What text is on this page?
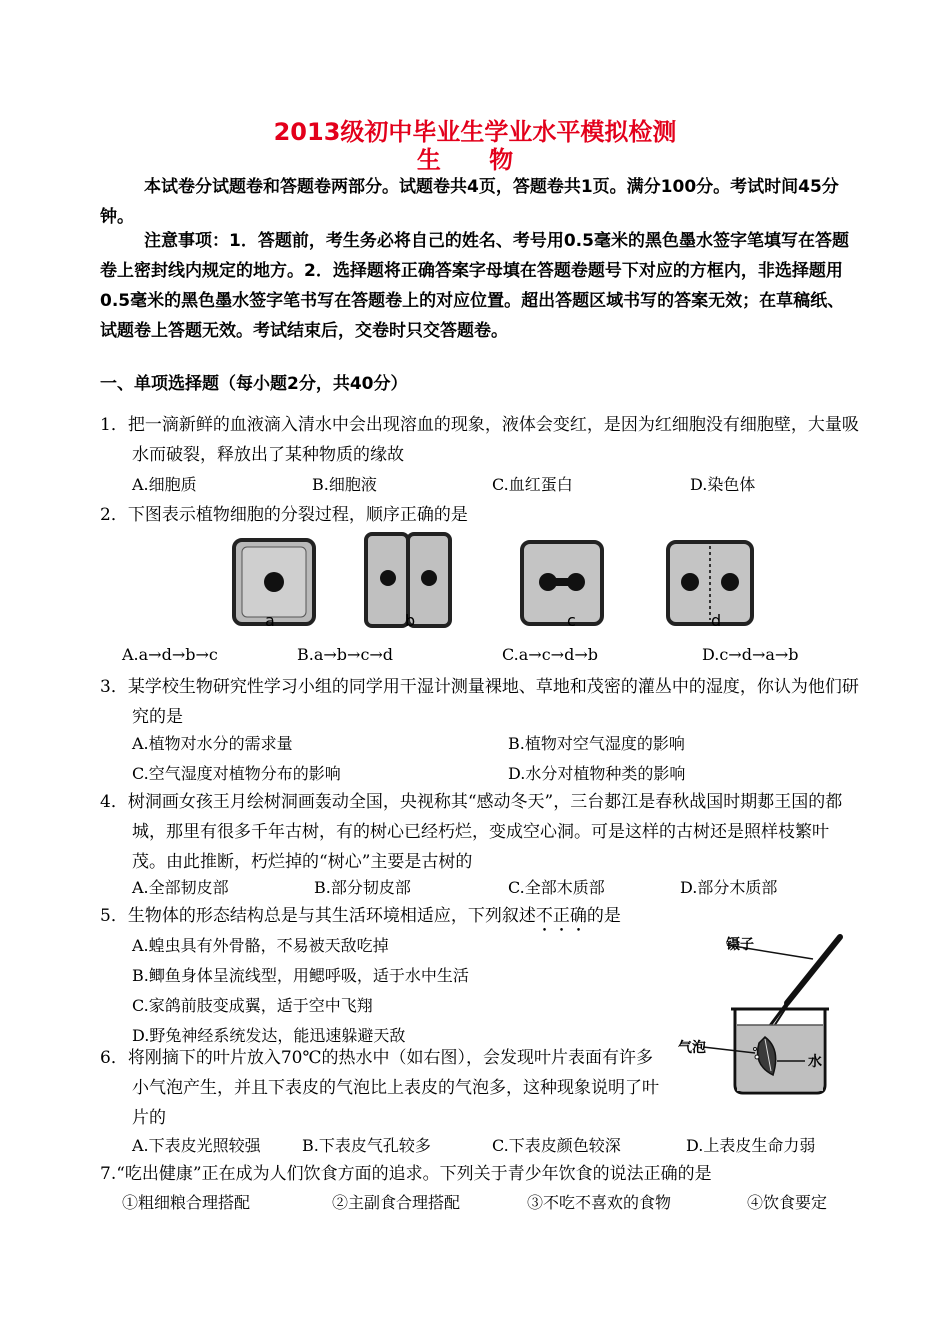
2013级初中毕业生学业水平模拟检测
生 物
本试卷分试题卷和答题卷两部分。试题卷共4页，答题卷共1页。满分100分。考试时间45分钟。
注意事项：1．答题前，考生务必将自己的姓名、考号用0.5毫米的黑色墨水签字笔填写在答题卷上密封线内规定的地方。2．选择题将正确答案字母填在答题卷题号下对应的方框内，非选择题用0.5毫米的黑色墨水签字笔书写在答题卷上的对应位置。超出答题区域书写的答案无效；在草稿纸、试题卷上答题无效。考试结束后，交卷时只交答题卷。
一、单项选择题（每小题2分，共40分）
1．把一滴新鲜的血液滴入清水中会出现溶血的现象，液体会变红，是因为红细胞没有细胞壁，大量吸水而破裂，释放出了某种物质的缘故
A.细胞质	B.细胞液	C.血红蛋白	D.染色体
2．下图表示植物细胞的分裂过程，顺序正确的是
a	b	c	d
A.a→d→b→c	B.a→b→c→d	C.a→c→d→b	D.c→d→a→b
3．某学校生物研究性学习小组的同学用干湿计测量裸地、草地和茂密的灌丛中的湿度，你认为他们研究的是
A.植物对水分的需求量	B.植物对空气湿度的影响
C.空气湿度对植物分布的影响	D.水分对植物种类的影响
4．树洞画女孩王月绘树洞画轰动全国，央视称其“感动冬天”，三台郪江是春秋战国时期郪王国的都城，那里有很多千年古树，有的树心已经朽烂，变成空心洞。可是这样的古树还是照样枝繁叶茂。由此推断，朽烂掉的“树心”主要是古树的
A.全部韧皮部	B.部分韧皮部	C.全部木质部	D.部分木质部
5．生物体的形态结构总是与其生活环境相适应，下列叙述不正确的是
A.蝗虫具有外骨骼，不易被天敌吃掉
B.鲫鱼身体呈流线型，用鳃呼吸，适于水中生活
C.家鸽前肢变成翼，适于空中飞翔
D.野兔神经系统发达，能迅速躲避天敌
镊子
气泡
水
6．将刚摘下的叶片放入70℃的热水中（如右图），会发现叶片表面有许多小气泡产生，并且下表皮的气泡比上表皮的气泡多，这种现象说明了叶片的
A.下表皮光照较强	B.下表皮气孔较多	C.下表皮颜色较深	D.上表皮生命力弱
7.“吃出健康”正在成为人们饮食方面的追求。下列关于青少年饮食的说法正确的是
①粗细粮合理搭配	②主副食合理搭配	③不吃不喜欢的食物	④饮食要定
